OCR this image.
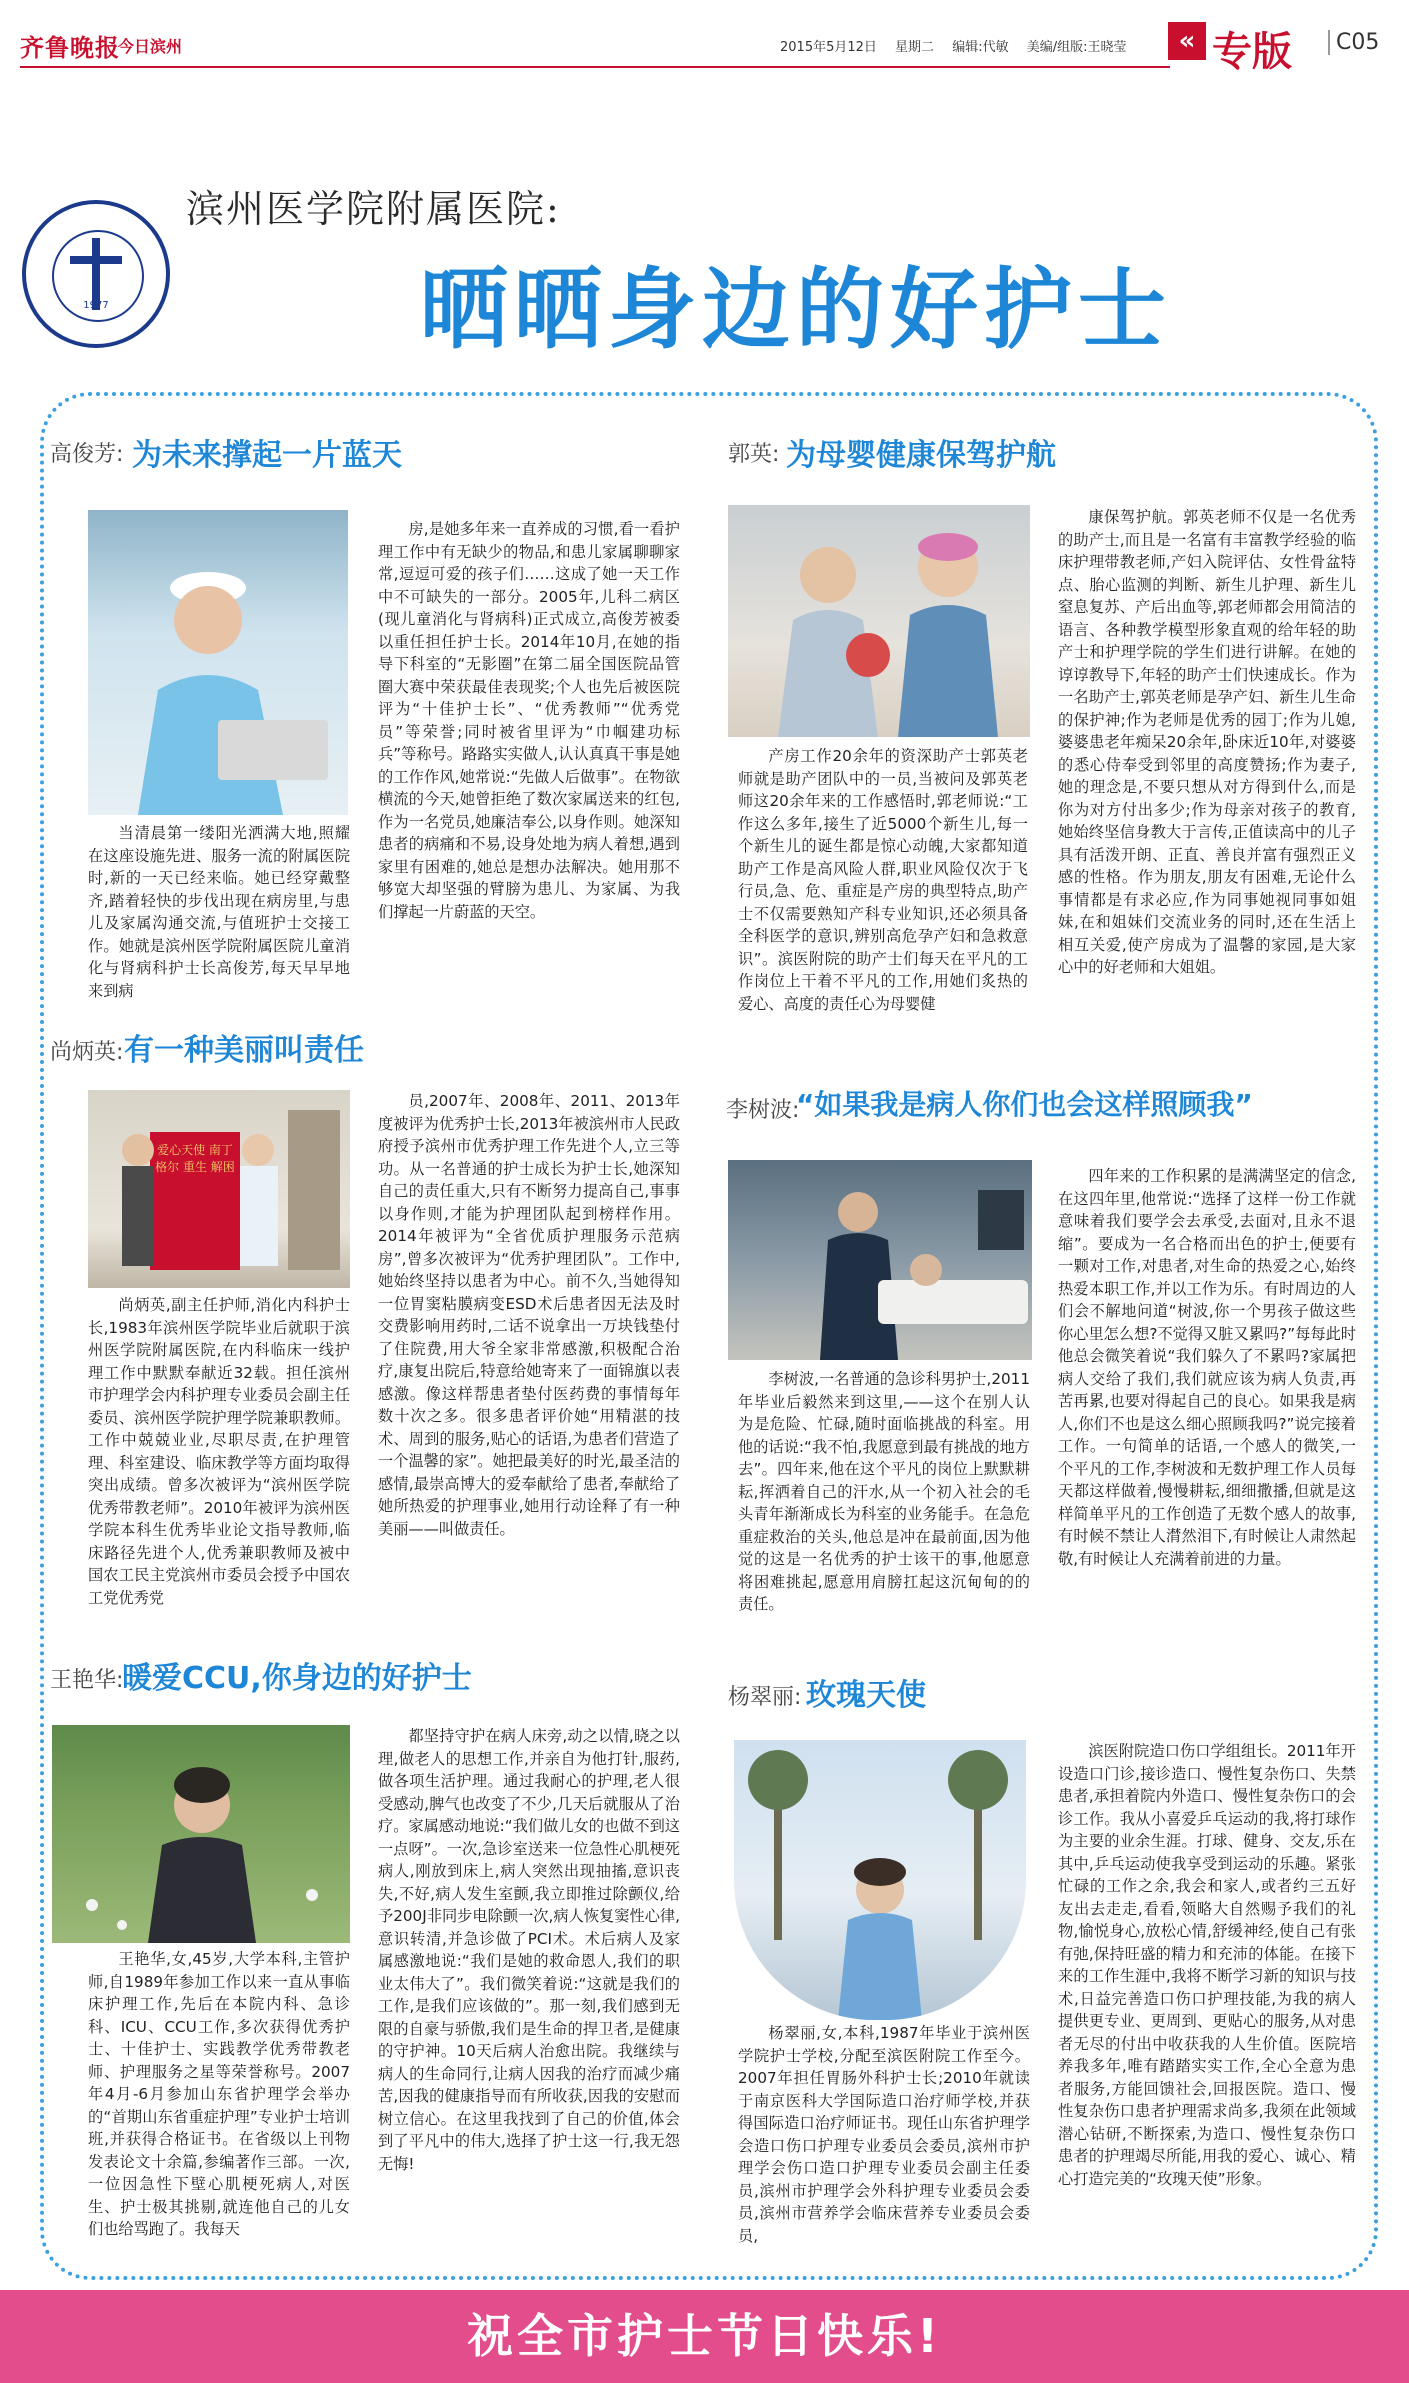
齐鲁晚报
今日滨州	2015年5月12日 星期二 编辑:代敏 美编/组版:王晓莹	« 专版	C05
1977
滨州医学院附属医院:
晒晒身边的好护士
高俊芳: 为未来撑起一片蓝天

当清晨第一缕阳光洒满大地,照耀在这座设施先进、服务一流的附属医院时,新的一天已经来临。她已经穿戴整齐,踏着轻快的步伐出现在病房里,与患儿及家属沟通交流,与值班护士交接工作。她就是滨州医学院附属医院儿童消化与肾病科护士长高俊芳,每天早早地来到病

房,是她多年来一直养成的习惯,看一看护理工作中有无缺少的物品,和患儿家属聊聊家常,逗逗可爱的孩子们……这成了她一天工作中不可缺失的一部分。2005年,儿科二病区(现儿童消化与肾病科)正式成立,高俊芳被委以重任担任护士长。2014年10月,在她的指导下科室的“无影圈”在第二届全国医院品管圈大赛中荣获最佳表现奖;个人也先后被医院评为“十佳护士长”、“优秀教师”“优秀党员”等荣誉;同时被省里评为“巾帼建功标兵”等称号。路路实实做人,认认真真干事是她的工作作风,她常说:“先做人后做事”。在物欲横流的今天,她曾拒绝了数次家属送来的红包,作为一名党员,她廉洁奉公,以身作则。她深知患者的病痛和不易,设身处地为病人着想,遇到家里有困难的,她总是想办法解决。她用那不够宽大却坚强的臂膀为患儿、为家属、为我们撑起一片蔚蓝的天空。

郭英: 为母婴健康保驾护航

产房工作20余年的资深助产士郭英老师就是助产团队中的一员,当被问及郭英老师这20余年来的工作感悟时,郭老师说:“工作这么多年,接生了近5000个新生儿,每一个新生儿的诞生都是惊心动魄,大家都知道助产工作是高风险人群,职业风险仅次于飞行员,急、危、重症是产房的典型特点,助产士不仅需要熟知产科专业知识,还必须具备全科医学的意识,辨别高危孕产妇和急救意识”。滨医附院的助产士们每天在平凡的工作岗位上干着不平凡的工作,用她们炙热的爱心、高度的责任心为母婴健

康保驾护航。郭英老师不仅是一名优秀的助产士,而且是一名富有丰富教学经验的临床护理带教老师,产妇入院评估、女性骨盆特点、胎心监测的判断、新生儿护理、新生儿窒息复苏、产后出血等,郭老师都会用简洁的语言、各种教学模型形象直观的给年轻的助产士和护理学院的学生们进行讲解。在她的谆谆教导下,年轻的助产士们快速成长。作为一名助产士,郭英老师是孕产妇、新生儿生命的保护神;作为老师是优秀的园丁;作为儿媳,婆婆患老年痴呆20余年,卧床近10年,对婆婆的悉心侍奉受到邻里的高度赞扬;作为妻子,她的理念是,不要只想从对方得到什么,而是你为对方付出多少;作为母亲对孩子的教育,她始终坚信身教大于言传,正值读高中的儿子具有活泼开朗、正直、善良并富有强烈正义感的性格。作为朋友,朋友有困难,无论什么事情都是有求必应,作为同事她视同事如姐妹,在和姐妹们交流业务的同时,还在生活上相互关爱,使产房成为了温馨的家园,是大家心中的好老师和大姐姐。

尚炳英: 有一种美丽叫责任
爱心天使 南丁格尔 重生 解困

尚炳英,副主任护师,消化内科护士长,1983年滨州医学院毕业后就职于滨州医学院附属医院,在内科临床一线护理工作中默默奉献近32载。担任滨州市护理学会内科护理专业委员会副主任委员、滨州医学院护理学院兼职教师。工作中兢兢业业,尽职尽责,在护理管理、科室建设、临床教学等方面均取得突出成绩。曾多次被评为“滨州医学院优秀带教老师”。2010年被评为滨州医学院本科生优秀毕业论文指导教师,临床路径先进个人,优秀兼职教师及被中国农工民主党滨州市委员会授予中国农工党优秀党

员,2007年、2008年、2011、2013年度被评为优秀护士长,2013年被滨州市人民政府授予滨州市优秀护理工作先进个人,立三等功。从一名普通的护士成长为护士长,她深知自己的责任重大,只有不断努力提高自己,事事以身作则,才能为护理团队起到榜样作用。2014年被评为“全省优质护理服务示范病房”,曾多次被评为“优秀护理团队”。工作中,她始终坚持以患者为中心。前不久,当她得知一位胃窦粘膜病变ESD术后患者因无法及时交费影响用药时,二话不说拿出一万块钱垫付了住院费,用大爷全家非常感激,积极配合治疗,康复出院后,特意给她寄来了一面锦旗以表感激。像这样帮患者垫付医药费的事情每年数十次之多。很多患者评价她“用精湛的技术、周到的服务,贴心的话语,为患者们营造了一个温馨的家”。她把最美好的时光,最圣洁的感情,最崇高博大的爱奉献给了患者,奉献给了她所热爱的护理事业,她用行动诠释了有一种美丽——叫做责任。

李树波:
“如果我是病人你们也会这样照顾我”

李树波,一名普通的急诊科男护士,2011年毕业后毅然来到这里,——这个在别人认为是危险、忙碌,随时面临挑战的科室。用他的话说:“我不怕,我愿意到最有挑战的地方去”。四年来,他在这个平凡的岗位上默默耕耘,挥洒着自己的汗水,从一个初入社会的毛头青年渐渐成长为科室的业务能手。在急危重症救治的关头,他总是冲在最前面,因为他觉的这是一名优秀的护士该干的事,他愿意将困难挑起,愿意用肩膀扛起这沉甸甸的的责任。

四年来的工作积累的是满满坚定的信念,在这四年里,他常说:“选择了这样一份工作就意味着我们要学会去承受,去面对,且永不退缩”。要成为一名合格而出色的护士,便要有一颗对工作,对患者,对生命的热爱之心,始终热爱本职工作,并以工作为乐。有时周边的人们会不解地问道“树波,你一个男孩子做这些你心里怎么想?不觉得又脏又累吗?”每每此时他总会微笑着说“我们躲久了不累吗?家属把病人交给了我们,我们就应该为病人负责,再苦再累,也要对得起自己的良心。如果我是病人,你们不也是这么细心照顾我吗?”说完接着工作。一句简单的话语,一个感人的微笑,一个平凡的工作,李树波和无数护理工作人员每天都这样做着,慢慢耕耘,细细撒播,但就是这样简单平凡的工作创造了无数个感人的故事,有时候不禁让人潸然泪下,有时候让人肃然起敬,有时候让人充满着前进的力量。

王艳华:
暖爱CCU,你身边的好护士

王艳华,女,45岁,大学本科,主管护师,自1989年参加工作以来一直从事临床护理工作,先后在本院内科、急诊科、ICU、CCU工作,多次获得优秀护士、十佳护士、实践教学优秀带教老师、护理服务之星等荣誉称号。2007年4月-6月参加山东省护理学会举办的“首期山东省重症护理”专业护士培训班,并获得合格证书。在省级以上刊物发表论文十余篇,参编著作三部。一次,一位因急性下壁心肌梗死病人,对医生、护士极其挑剔,就连他自己的儿女们也给骂跑了。我每天

都坚持守护在病人床旁,动之以情,晓之以理,做老人的思想工作,并亲自为他打针,服药,做各项生活护理。通过我耐心的护理,老人很受感动,脾气也改变了不少,几天后就服从了治疗。家属感动地说:“我们做儿女的也做不到这一点呀”。一次,急诊室送来一位急性心肌梗死病人,刚放到床上,病人突然出现抽搐,意识丧失,不好,病人发生室颤,我立即推过除颤仪,给予200J非同步电除颤一次,病人恢复窦性心律,意识转清,并急诊做了PCI术。术后病人及家属感激地说:“我们是她的救命恩人,我们的职业太伟大了”。我们微笑着说:“这就是我们的工作,是我们应该做的”。那一刻,我们感到无限的自豪与骄傲,我们是生命的捍卫者,是健康的守护神。10天后病人治愈出院。我继续与病人的生命同行,让病人因我的治疗而减少痛苦,因我的健康指导而有所收获,因我的安慰而树立信心。在这里我找到了自己的价值,体会到了平凡中的伟大,选择了护士这一行,我无怨无悔!

杨翠丽: 玫瑰天使

杨翠丽,女,本科,1987年毕业于滨州医学院护士学校,分配至滨医附院工作至今。2007年担任胃肠外科护士长;2010年就读于南京医科大学国际造口治疗师学校,并获得国际造口治疗师证书。现任山东省护理学会造口伤口护理专业委员会委员,滨州市护理学会伤口造口护理专业委员会副主任委员,滨州市护理学会外科护理专业委员会委员,滨州市营养学会临床营养专业委员会委员,

滨医附院造口伤口学组组长。2011年开设造口门诊,接诊造口、慢性复杂伤口、失禁患者,承担着院内外造口、慢性复杂伤口的会诊工作。我从小喜爱乒乓运动的我,将打球作为主要的业余生涯。打球、健身、交友,乐在其中,乒乓运动使我享受到运动的乐趣。紧张忙碌的工作之余,我会和家人,或者约三五好友出去走走,看看,领略大自然赐予我们的礼物,愉悦身心,放松心情,舒缓神经,使自己有张有弛,保持旺盛的精力和充沛的体能。在接下来的工作生涯中,我将不断学习新的知识与技术,日益完善造口伤口护理技能,为我的病人提供更专业、更周到、更贴心的服务,从对患者无尽的付出中收获我的人生价值。医院培养我多年,唯有踏踏实实工作,全心全意为患者服务,方能回馈社会,回报医院。造口、慢性复杂伤口患者护理需求尚多,我须在此领域潜心钻研,不断探索,为造口、慢性复杂伤口患者的护理竭尽所能,用我的爱心、诚心、精心打造完美的“玫瑰天使”形象。

祝全市护士节日快乐!
